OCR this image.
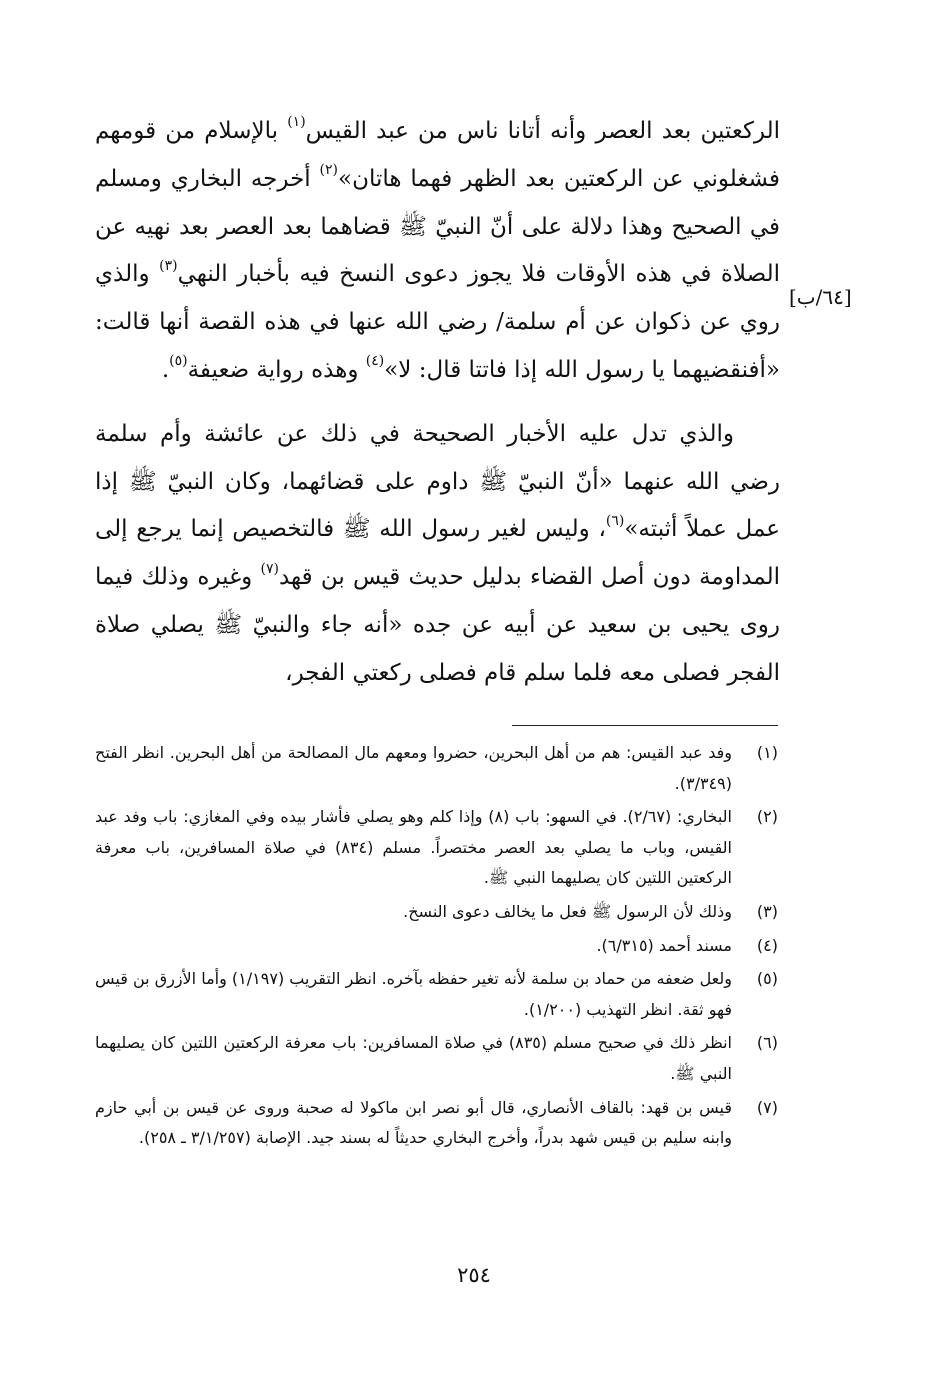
الركعتين بعد العصر وأنه أتانا ناس من عبد القيس$^{(١)}$ بالإسلام من قومهم فشغلوني عن الركعتين بعد الظهر فهما هاتان»$^{(٢)}$ أخرجه البخاري ومسلم في الصحيح وهذا دلالة على أنّ النبيّ ﷺ قضاهما بعد العصر بعد نهيه عن الصلاة في هذه الأوقات فلا يجوز دعوى النسخ فيه بأخبار النهي$^{(٣)}$ والذي روي عن ذكوان عن أم سلمة/ رضي الله عنها في هذه القصة أنها قالت: «أفنقضيهما يا رسول الله إذا فاتتا قال: لا»$^{(٤)}$ وهذه رواية ضعيفة$^{(٥)}$.

والذي تدل عليه الأخبار الصحيحة في ذلك عن عائشة وأم سلمة رضي الله عنهما «أنّ النبيّ ﷺ داوم على قضائهما، وكان النبيّ ﷺ إذا عمل عملاً أثبته»$^{(٦)}$، وليس لغير رسول الله ﷺ فالتخصيص إنما يرجع إلى المداومة دون أصل القضاء بدليل حديث قيس بن قهد$^{(٧)}$ وغيره وذلك فيما روى يحيى بن سعيد عن أبيه عن جده «أنه جاء والنبيّ ﷺ يصلي صلاة الفجر فصلى معه فلما سلم قام فصلى ركعتي الفجر،

[٦٤/ب]
(١)
وفد عبد القيس: هم من أهل البحرين، حضروا ومعهم مال المصالحة من أهل البحرين. انظر الفتح (٣/٣٤٩).
(٢)
البخاري: (٢/٦٧). في السهو: باب (٨) وإذا كلم وهو يصلي فأشار بيده وفي المغازي: باب وفد عبد القيس، وباب ما يصلي بعد العصر مختصراً. مسلم (٨٣٤) في صلاة المسافرين، باب معرفة الركعتين اللتين كان يصليهما النبي ﷺ.
(٣)
وذلك لأن الرسول ﷺ فعل ما يخالف دعوى النسخ.
(٤)
مسند أحمد (٦/٣١٥).
(٥)
ولعل ضعفه من حماد بن سلمة لأنه تغير حفظه بآخره. انظر التقريب (١/١٩٧) وأما الأزرق بن قيس فهو ثقة. انظر التهذيب (١/٢٠٠).
(٦)
انظر ذلك في صحيح مسلم (٨٣٥) في صلاة المسافرين: باب معرفة الركعتين اللتين كان يصليهما النبي ﷺ.
(٧)
قيس بن قهد: بالقاف الأنصاري، قال أبو نصر ابن ماكولا له صحبة وروى عن قيس بن أبي حازم وابنه سليم بن قيس شهد بدراً، وأخرج البخاري حديثاً له بسند جيد. الإصابة (٣/١/٢٥٧ ـ ٢٥٨).
٢٥٤
